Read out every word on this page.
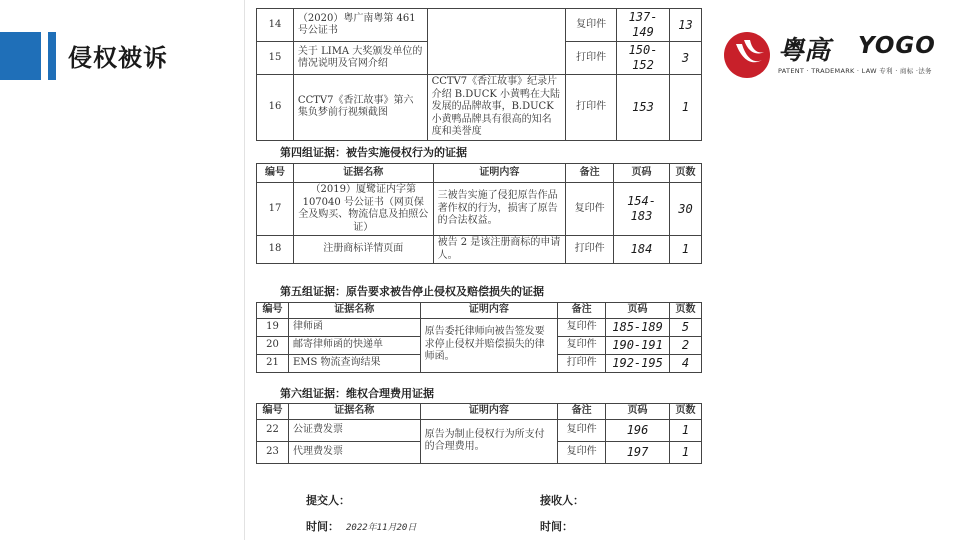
侵权被诉	粤高 YOGO
PATENT · TRADEMARK · LAW 专利 · 商标 ·法务
14	（2020）粤广南粤第 461 号公证书		复印件	137-149	13
15	关于 LIMA 大奖颁发单位的情况说明及官网介绍		打印件	150-152	3
16	CCTV7《香江故事》第六集负梦前行视频截图	CCTV7《香江故事》纪录片介绍 B.DUCK 小黄鸭在大陆发展的品牌故事，B.DUCK 小黄鸭品牌具有很高的知名度和美誉度	打印件	153	1
第四组证据：被告实施侵权行为的证据
编号	证据名称	证明内容	备注	页码	页数
17	（2019）厦鹭证内字第 107040 号公证书（网页保全及购买、物流信息及拍照公证）	三被告实施了侵犯原告作品著作权的行为，损害了原告的合法权益。	复印件	154-183	30
18	注册商标详情页面	被告 2 是该注册商标的申请人。	打印件	184	1
第五组证据：原告要求被告停止侵权及赔偿损失的证据
编号	证据名称	证明内容	备注	页码	页数
19	律师函	原告委托律师向被告签发要求停止侵权并赔偿损失的律师函。	复印件	185-189	5
20	邮寄律师函的快递单		复印件	190-191	2
21	EMS 物流查询结果		打印件	192-195	4
第六组证据：维权合理费用证据
编号	证据名称	证明内容	备注	页码	页数
22	公证费发票	原告为制止侵权行为所支付的合理费用。	复印件	196	1
23	代理费发票		复印件	197	1
提交人：	接收人：
时间： 2022年11月20日	时间：
